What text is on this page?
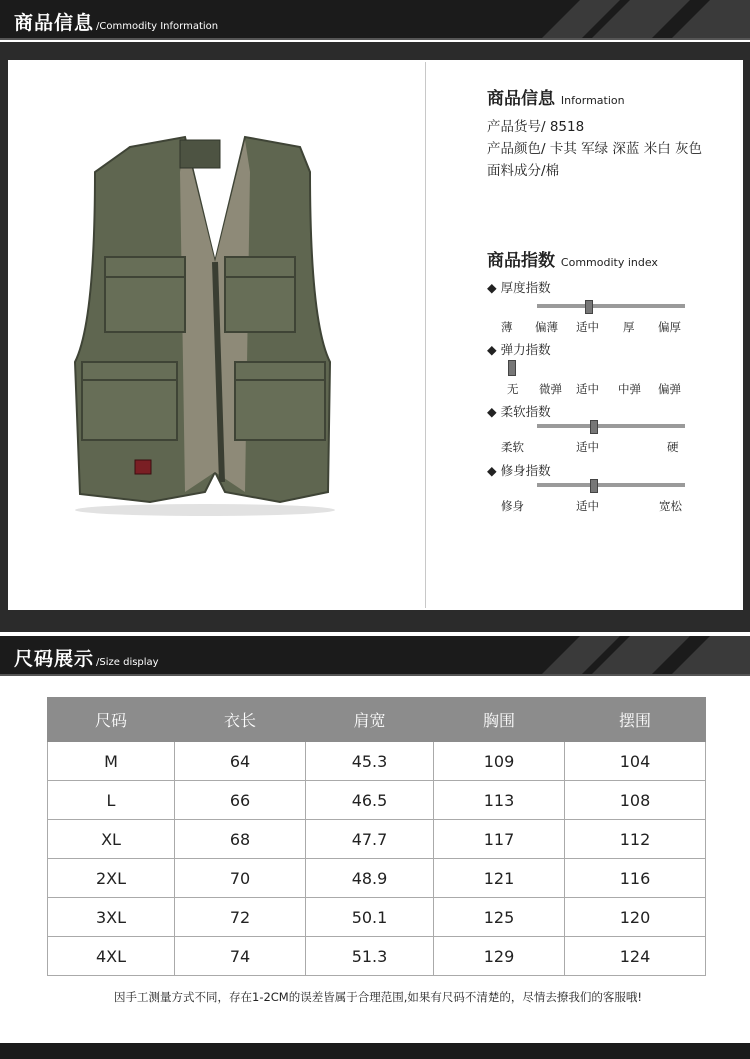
商品信息 /Commodity Information
商品信息 Information

产品货号/ 8518

产品颜色/ 卡其 军绿 深蓝 米白 灰色

面料成分/棉

商品指数 Commodity index
◆ 厚度指数
薄 偏薄 适中 厚 偏厚
◆ 弹力指数
无 微弹 适中 中弹 偏弹
◆ 柔软指数
柔软	适中	硬
◆ 修身指数
修身	适中	宽松
尺码展示 /Size display
尺码	衣长	肩宽	胸围	摆围
M	64	45.3	109	104
L	66	46.5	113	108
XL	68	47.7	117	112
2XL	70	48.9	121	116
3XL	72	50.1	125	120
4XL	74	51.3	129	124
因手工测量方式不同，存在1-2CM的误差皆属于合理范围,如果有尺码不清楚的，尽情去撩我们的客服哦!
